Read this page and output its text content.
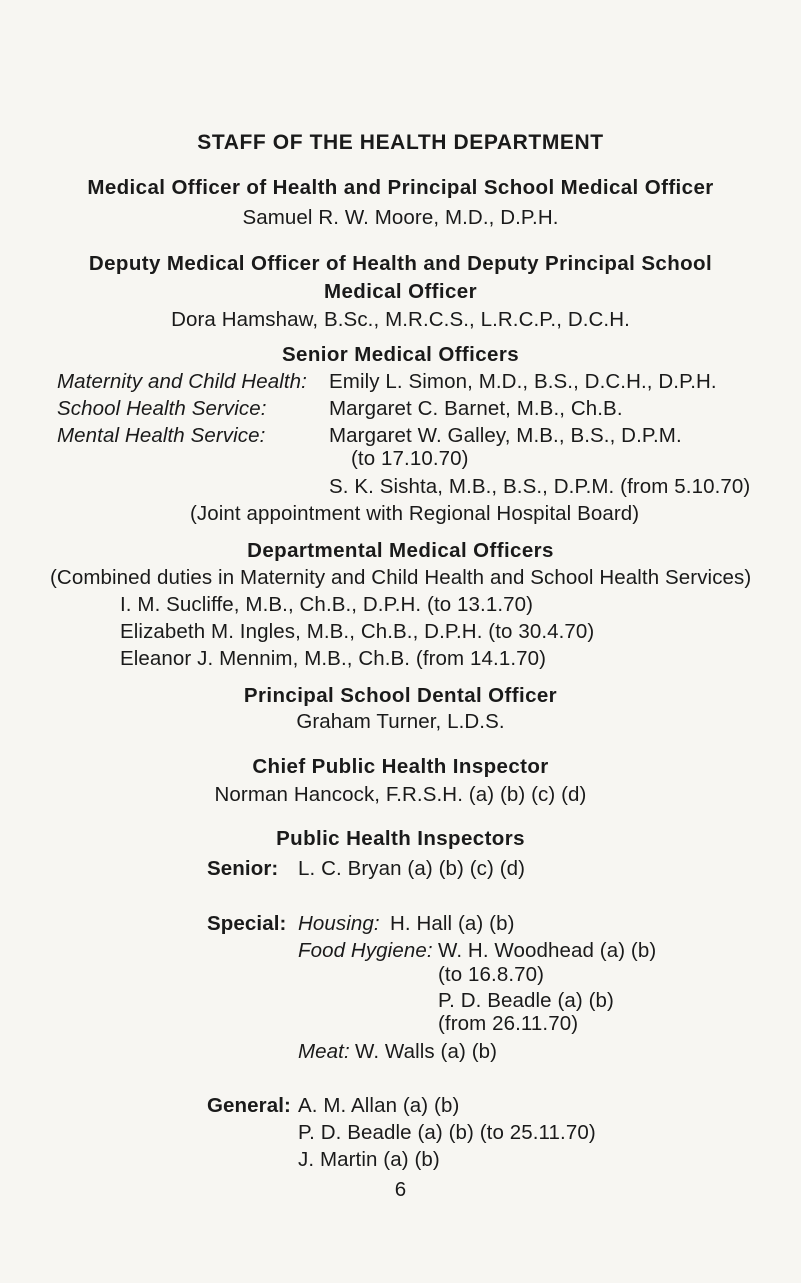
STAFF OF THE HEALTH DEPARTMENT
Medical Officer of Health and Principal School Medical Officer
Samuel R. W. Moore, M.D., D.P.H.
Deputy Medical Officer of Health and Deputy Principal School
Medical Officer
Dora Hamshaw, B.Sc., M.R.C.S., L.R.C.P., D.C.H.
Senior Medical Officers
Maternity and Child Health: Emily L. Simon, M.D., B.S., D.C.H., D.P.H.
School Health Service:	Margaret C. Barnet, M.B., Ch.B.
Mental Health Service:	Margaret W. Galley, M.B., B.S., D.P.M.
(to 17.10.70)
S. K. Sishta, M.B., B.S., D.P.M. (from 5.10.70)
(Joint appointment with Regional Hospital Board)
Departmental Medical Officers
(Combined duties in Maternity and Child Health and School Health Services)
I. M. Sucliffe, M.B., Ch.B., D.P.H. (to 13.1.70)
Elizabeth M. Ingles, M.B., Ch.B., D.P.H. (to 30.4.70)
Eleanor J. Mennim, M.B., Ch.B. (from 14.1.70)
Principal School Dental Officer
Graham Turner, L.D.S.
Chief Public Health Inspector
Norman Hancock, F.R.S.H. (a) (b) (c) (d)
Public Health Inspectors
Senior: L. C. Bryan (a) (b) (c) (d)
Special: Housing: H. Hall (a) (b)
Food Hygiene: W. H. Woodhead (a) (b)
(to 16.8.70)
P. D. Beadle (a) (b)
(from 26.11.70)
Meat: W. Walls (a) (b)
General: A. M. Allan (a) (b)
P. D. Beadle (a) (b) (to 25.11.70)
J. Martin (a) (b)
6
